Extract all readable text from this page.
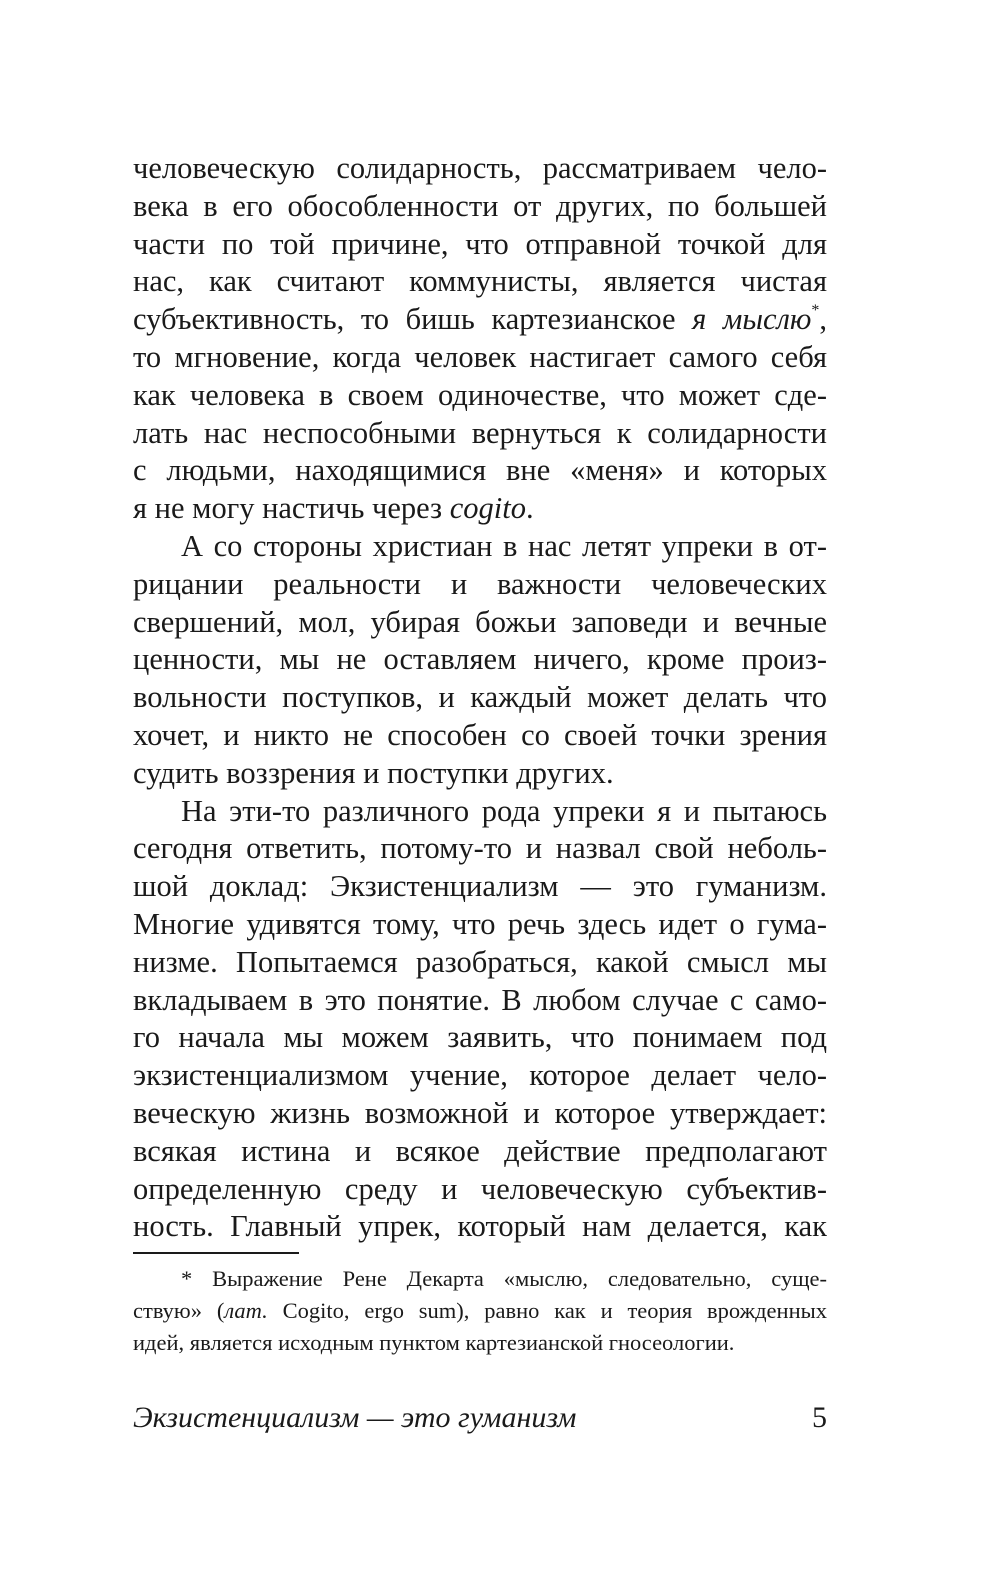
человеческую солидарность, рассматриваем чело-
века в его обособленности от других, по большей
части по той причине, что отправной точкой для
нас, как считают коммунисты, является чистая
субъективность, то бишь картезианское я мыслю*,
то мгновение, когда человек настигает самого себя
как человека в своем одиночестве, что может сде-
лать нас неспособными вернуться к солидарности
с людьми, находящимися вне «меня» и которых
я не могу настичь через cogito.
А со стороны христиан в нас летят упреки в от-
рицании реальности и важности человеческих
свершений, мол, убирая божьи заповеди и вечные
ценности, мы не оставляем ничего, кроме произ-
вольности поступков, и каждый может делать что
хочет, и никто не способен со своей точки зрения
судить воззрения и поступки других.
На эти-то различного рода упреки я и пытаюсь
сегодня ответить, потому-то и назвал свой неболь-
шой доклад: Экзистенциализм — это гуманизм.
Многие удивятся тому, что речь здесь идет о гума-
низме. Попытаемся разобраться, какой смысл мы
вкладываем в это понятие. В любом случае с само-
го начала мы можем заявить, что понимаем под
экзистенциализмом учение, которое делает чело-
веческую жизнь возможной и которое утверждает:
всякая истина и всякое действие предполагают
определенную среду и человеческую субъектив-
ность. Главный упрек, который нам делается, как
* Выражение Рене Декарта «мыслю, следовательно, суще-
ствую» (лат. Cogito, ergo sum), равно как и теория врожденных
идей, является исходным пунктом картезианской гносеологии.
Экзистенциализм — это гуманизм	5
